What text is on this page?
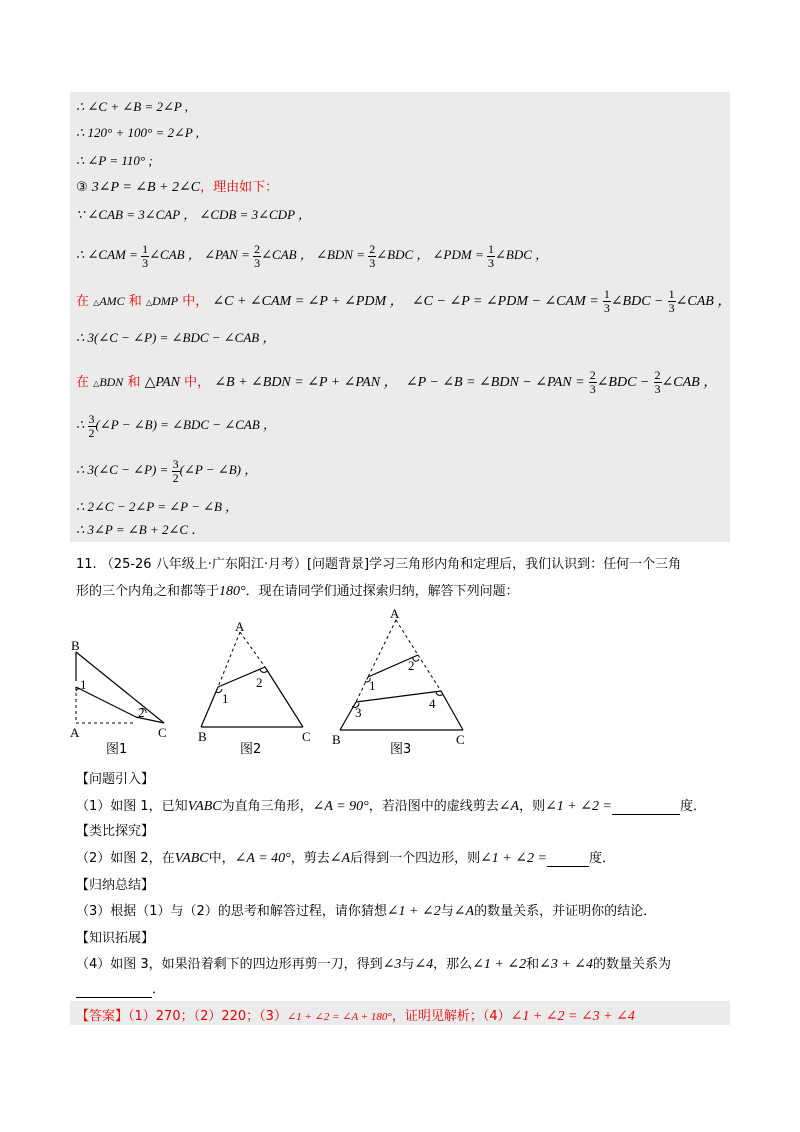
∴ ∠C + ∠B = 2∠P ,
∴ 120° + 100° = 2∠P ,
∴ ∠P = 110° ;
③ 3∠P = ∠B + 2∠C，理由如下：
∵ ∠CAB = 3∠CAP ， ∠CDB = 3∠CDP ，
∴ ∠CAM = $\frac{1}{3}$ ∠CAB ， ∠PAN = $\frac{2}{3}$ ∠CAB ， ∠BDN = $\frac{2}{3}$ ∠BDC ， ∠PDM = $\frac{1}{3}$ ∠BDC ，
在 △AMC 和 △DMP 中， ∠C + ∠CAM = ∠P + ∠PDM ， ∠C − ∠P = ∠PDM − ∠CAM = $\frac{1}{3}$ ∠BDC − $\frac{1}{3}$ ∠CAB ，
∴ 3(∠C − ∠P) = ∠BDC − ∠CAB ，
在 △BDN 和 △PAN 中， ∠B + ∠BDN = ∠P + ∠PAN ， ∠P − ∠B = ∠BDN − ∠PAN = $\frac{2}{3}$ ∠BDC − $\frac{2}{3}$ ∠CAB ，
∴ $\frac{3}{2}$ (∠P − ∠B) = ∠BDC − ∠CAB ，
∴ 3(∠C − ∠P) = $\frac{3}{2}$ (∠P − ∠B) ，
∴ 2∠C − 2∠P = ∠P − ∠B ，
∴ 3∠P = ∠B + 2∠C ．
11. （25-26 八年级上·广东阳江·月考）[问题背景]学习三角形内角和定理后，我们认识到：任何一个三角
形的三个内角之和都等于180°．现在请同学们通过探索归纳，解答下列问题：
B
1
2
A	C
图1
A
1
2
B	C
图2
A
1
2
3
4
B	C
图3
【问题引入】
（1）如图 1，已知VABC为直角三角形，∠A = 90°，若沿图中的虚线剪去∠A，则∠1 + ∠2 =	度．
【类比探究】
（2）如图 2，在VABC中，∠A = 40°，剪去∠A后得到一个四边形，则∠1 + ∠2 =	度．
【归纳总结】
（3）根据（1）与（2）的思考和解答过程，请你猜想∠1 + ∠2与∠A的数量关系，并证明你的结论．
【知识拓展】
（4）如图 3，如果沿着剩下的四边形再剪一刀，得到∠3与∠4，那么∠1 + ∠2和∠3 + ∠4的数量关系为
．
【答案】（1）270；（2）220；（3）∠1 + ∠2 = ∠A + 180°，证明见解析；（4）∠1 + ∠2 = ∠3 + ∠4
